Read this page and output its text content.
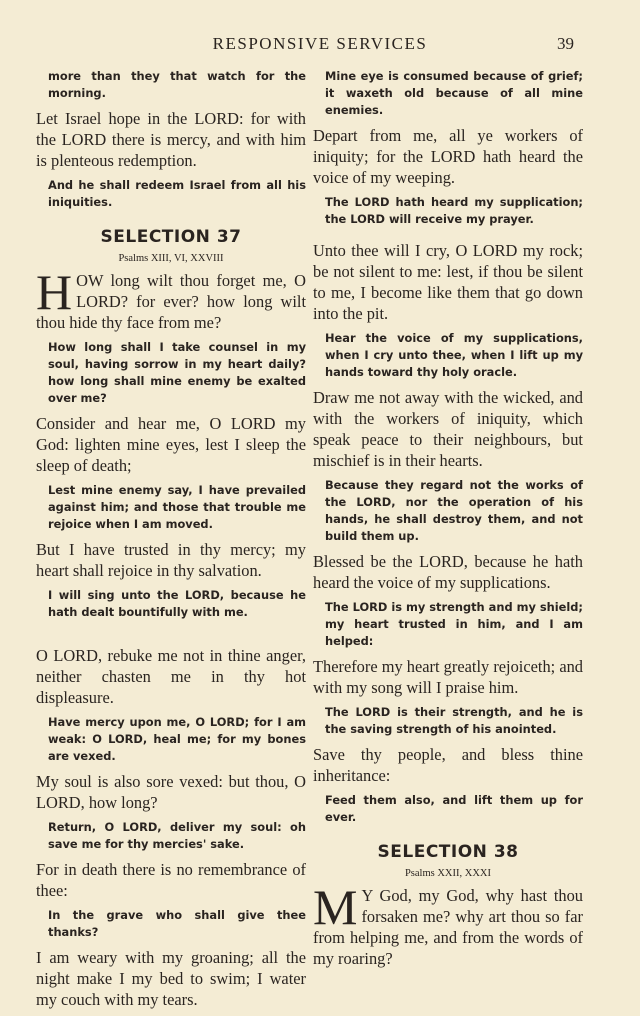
RESPONSIVE SERVICES	39

more than they that watch for the morning.

Let Israel hope in the LORD: for with the LORD there is mercy, and with him is plenteous redemption.

And he shall redeem Israel from all his iniquities.

SELECTION 37
Psalms XIII, VI, XXVIII

HOW long wilt thou forget me, O LORD? for ever? how long wilt thou hide thy face from me?

How long shall I take counsel in my soul, having sorrow in my heart daily? how long shall mine enemy be exalted over me?

Consider and hear me, O LORD my God: lighten mine eyes, lest I sleep the sleep of death;

Lest mine enemy say, I have prevailed against him; and those that trouble me rejoice when I am moved.

But I have trusted in thy mercy; my heart shall rejoice in thy salvation.

I will sing unto the LORD, because he hath dealt bountifully with me.

O LORD, rebuke me not in thine anger, neither chasten me in thy hot displeasure.

Have mercy upon me, O LORD; for I am weak: O LORD, heal me; for my bones are vexed.

My soul is also sore vexed: but thou, O LORD, how long?

Return, O LORD, deliver my soul: oh save me for thy mercies' sake.

For in death there is no remembrance of thee:

In the grave who shall give thee thanks?

I am weary with my groaning; all the night make I my bed to swim; I water my couch with my tears.

Mine eye is consumed because of grief; it waxeth old because of all mine enemies.

Depart from me, all ye workers of iniquity; for the LORD hath heard the voice of my weeping.

The LORD hath heard my supplication; the LORD will receive my prayer.

Unto thee will I cry, O LORD my rock; be not silent to me: lest, if thou be silent to me, I become like them that go down into the pit.

Hear the voice of my supplications, when I cry unto thee, when I lift up my hands toward thy holy oracle.

Draw me not away with the wicked, and with the workers of iniquity, which speak peace to their neighbours, but mischief is in their hearts.

Because they regard not the works of the LORD, nor the operation of his hands, he shall destroy them, and not build them up.

Blessed be the LORD, because he hath heard the voice of my supplications.

The LORD is my strength and my shield; my heart trusted in him, and I am helped:

Therefore my heart greatly rejoiceth; and with my song will I praise him.

The LORD is their strength, and he is the saving strength of his anointed.

Save thy people, and bless thine inheritance:

Feed them also, and lift them up for ever.

SELECTION 38
Psalms XXII, XXXI

M Y God, my God, why hast thou forsaken me? why art thou so far from helping me, and from the words of my roaring?
